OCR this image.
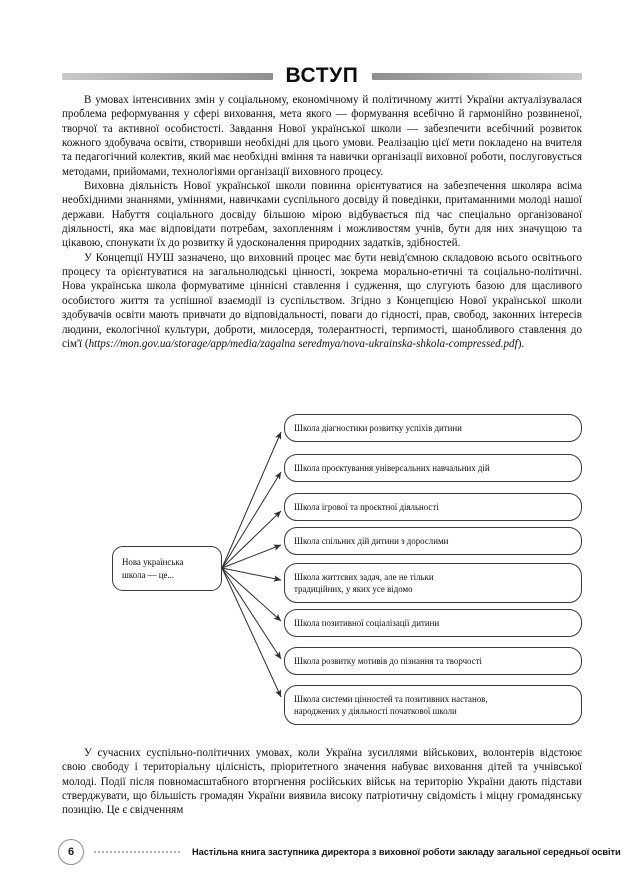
ВСТУП

В умовах інтенсивних змін у соціальному, економічному й політичному житті України актуалізувалася проблема реформування у сфері виховання, мета якого — формування всебічно й гармонійно розвиненої, творчої та активної особистості. Завдання Нової української школи — забезпечити всебічний розвиток кожного здобувача освіти, створивши необхідні для цього умови. Реалізацію цієї мети покладено на вчителя та педагогічний колектив, який має необхідні вміння та навички організації виховної роботи, послуговується методами, прийомами, технологіями організації виховного процесу.

Виховна діяльність Нової української школи повинна орієнтуватися на забезпечення школяра всіма необхідними знаннями, уміннями, навичками суспільного досвіду й поведінки, притаманними молоді нашої держави. Набуття соціального досвіду більшою мірою відбувається під час спеціально організованої діяльності, яка має відповідати потребам, захопленням і можливостям учнів, бути для них значущою та цікавою, спонукати їх до розвитку й удосконалення природних задатків, здібностей.

У Концепції НУШ зазначено, що виховний процес має бути невід'ємною складовою всього освітнього процесу та орієнтуватися на загальнолюдські цінності, зокрема морально-етичні та соціально-політичні. Нова українська школа формуватиме ціннісні ставлення і судження, що слугують базою для щасливого особистого життя та успішної взаємодії із суспільством. Згідно з Концепцією Нової української школи здобувачів освіти мають привчати до відповідальності, поваги до гідності, прав, свобод, законних інтересів людини, екологічної культури, доброти, милосердя, толерантності, терпимості, шанобливого ставлення до сім'ї (https://mon.gov.ua/storage/app/media/zagalna seredmya/nova-ukrainska-shkola-compressed.pdf).

Нова українська
школа — це...
Школа діагностики розвитку успіхів дитини
Школа проєктування універсальних навчальних дій
Школа ігрової та проєктної діяльності
Школа спільних дій дитини з дорослими
Школа життєвих задач, але не тільки
традиційних, у яких усе відомо
Школа позитивної соціалізації дитини
Школа розвитку мотивів до пізнання та творчості
Школа системи цінностей та позитивних настанов,
народжених у діяльності початкової школи

У сучасних суспільно-політичних умовах, коли Україна зусиллями військових, волонтерів відстоює свою свободу і територіальну цілісність, пріоритетного значення набуває виховання дітей та учнівської молоді. Події після повномасштабного вторгнення російських військ на територію України дають підстави стверджувати, що більшість громадян України виявила високу патріотичну свідомість і міцну громадянську позицію. Це є свідченням

6	Настільна книга заступника директора з виховної роботи закладу загальної середньої освіти
